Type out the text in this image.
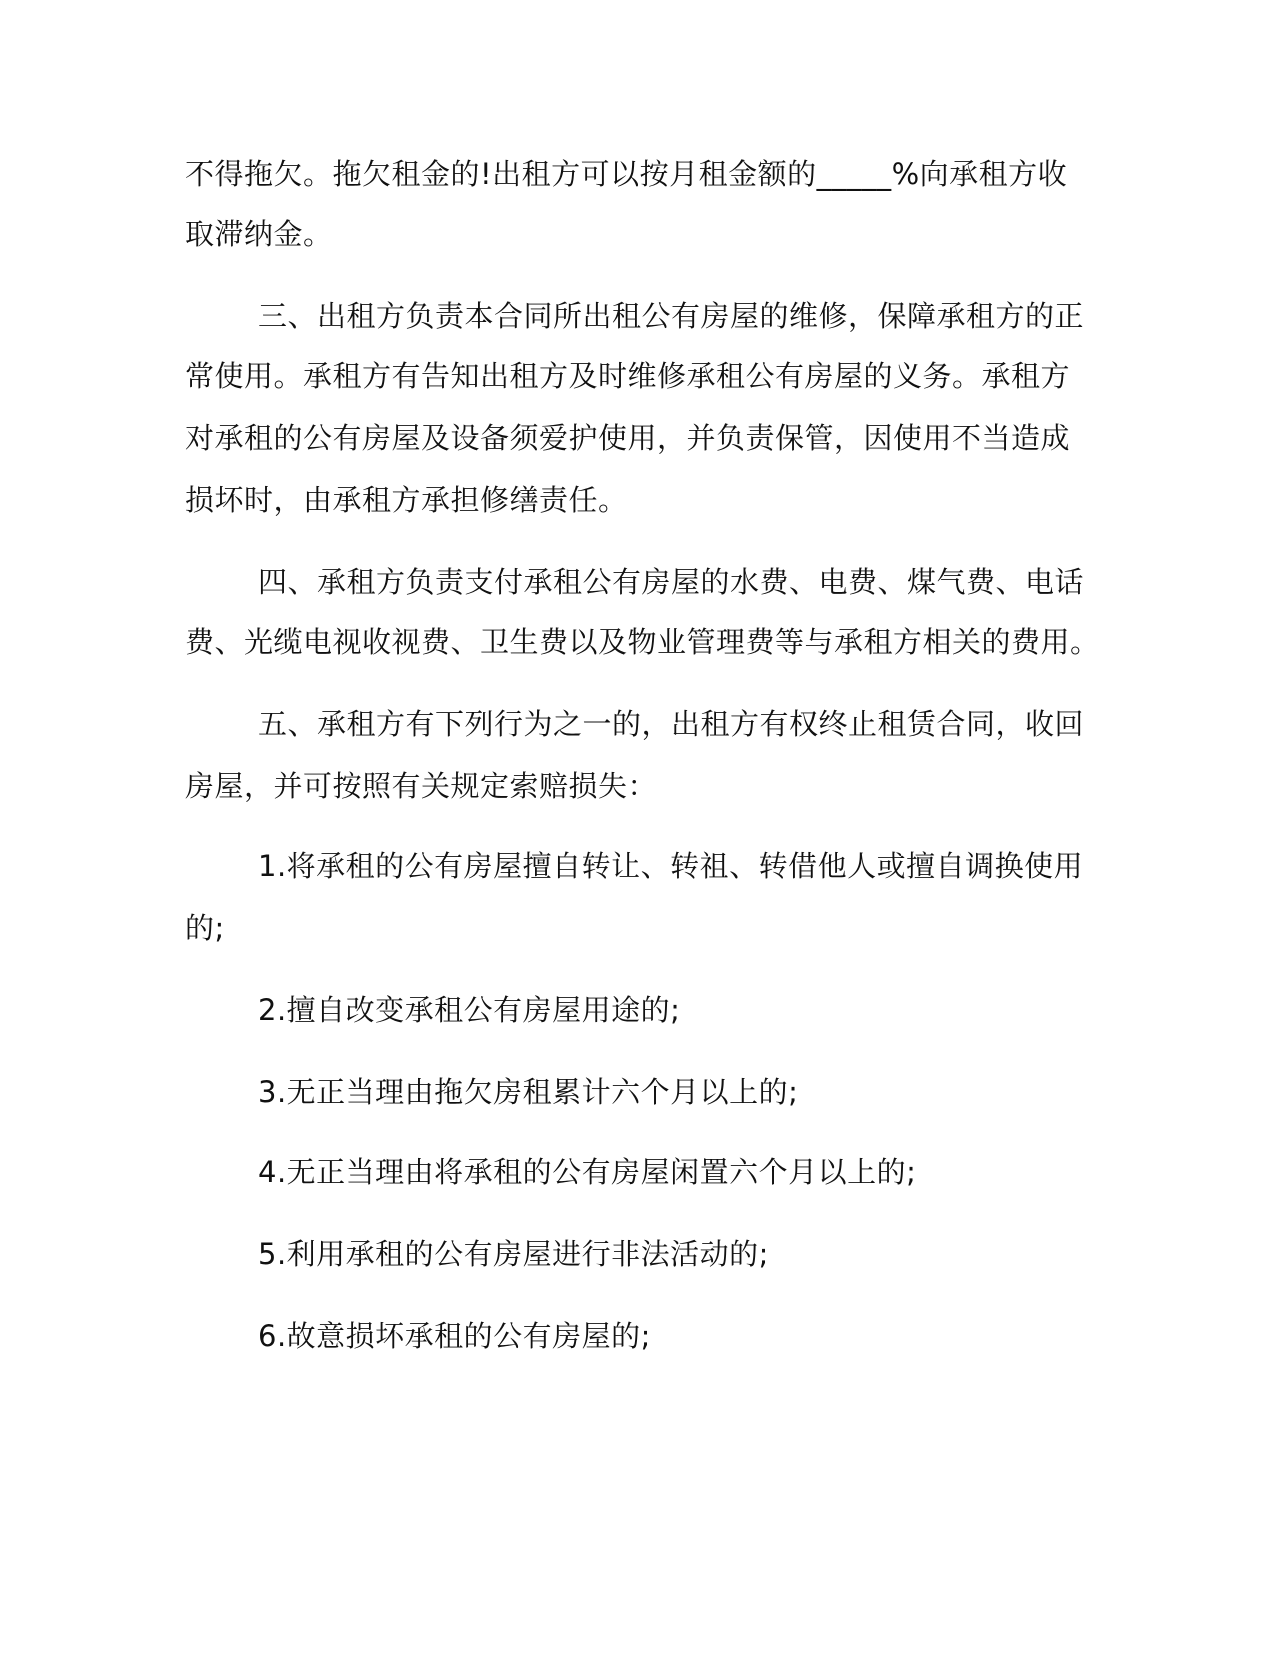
不得拖欠。拖欠租金的!出租方可以按月租金额的_____%向承租方收
取滞纳金。
三、出租方负责本合同所出租公有房屋的维修，保障承租方的正
常使用。承租方有告知出租方及时维修承租公有房屋的义务。承租方
对承租的公有房屋及设备须爱护使用，并负责保管，因使用不当造成
损坏时，由承租方承担修缮责任。
四、承租方负责支付承租公有房屋的水费、电费、煤气费、电话
费、光缆电视收视费、卫生费以及物业管理费等与承租方相关的费用。
五、承租方有下列行为之一的，出租方有权终止租赁合同，收回
房屋，并可按照有关规定索赔损失：
1.将承租的公有房屋擅自转让、转祖、转借他人或擅自调换使用
的;
2.擅自改变承租公有房屋用途的;
3.无正当理由拖欠房租累计六个月以上的;
4.无正当理由将承租的公有房屋闲置六个月以上的;
5.利用承租的公有房屋进行非法活动的;
6.故意损坏承租的公有房屋的;
